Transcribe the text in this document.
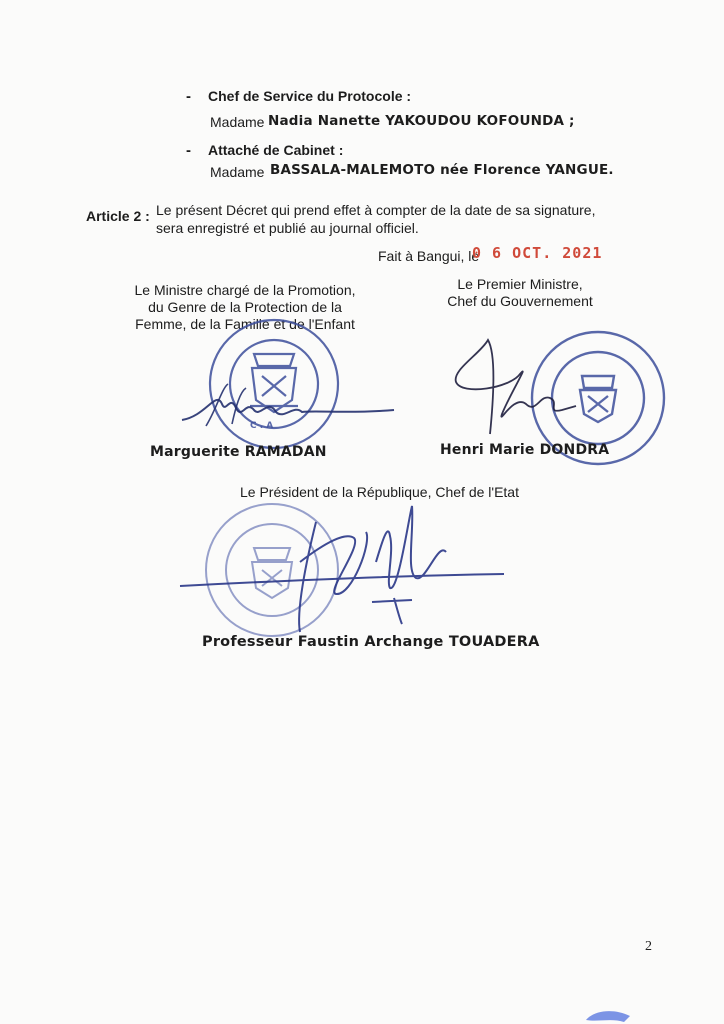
- Chef de Service du Protocole :
Madame Nadia Nanette YAKOUDOU KOFOUNDA ;
- Attaché de Cabinet :
Madame BASSALA-MALEMOTO née Florence YANGUE.
Article 2 : Le présent Décret qui prend effet à compter de la date de sa signature,
sera enregistré et publié au journal officiel.
Fait à Bangui, le
0 6 OCT. 2021
Le Ministre chargé de la Promotion,
du Genre de la Protection de la
Femme, de la Famille et de l'Enfant
C . A
Marguerite RAMADAN
Le Premier Ministre,
Chef du Gouvernement
Henri Marie DONDRA
Le Président de la République, Chef de l'Etat
Professeur Faustin Archange TOUADERA
2
